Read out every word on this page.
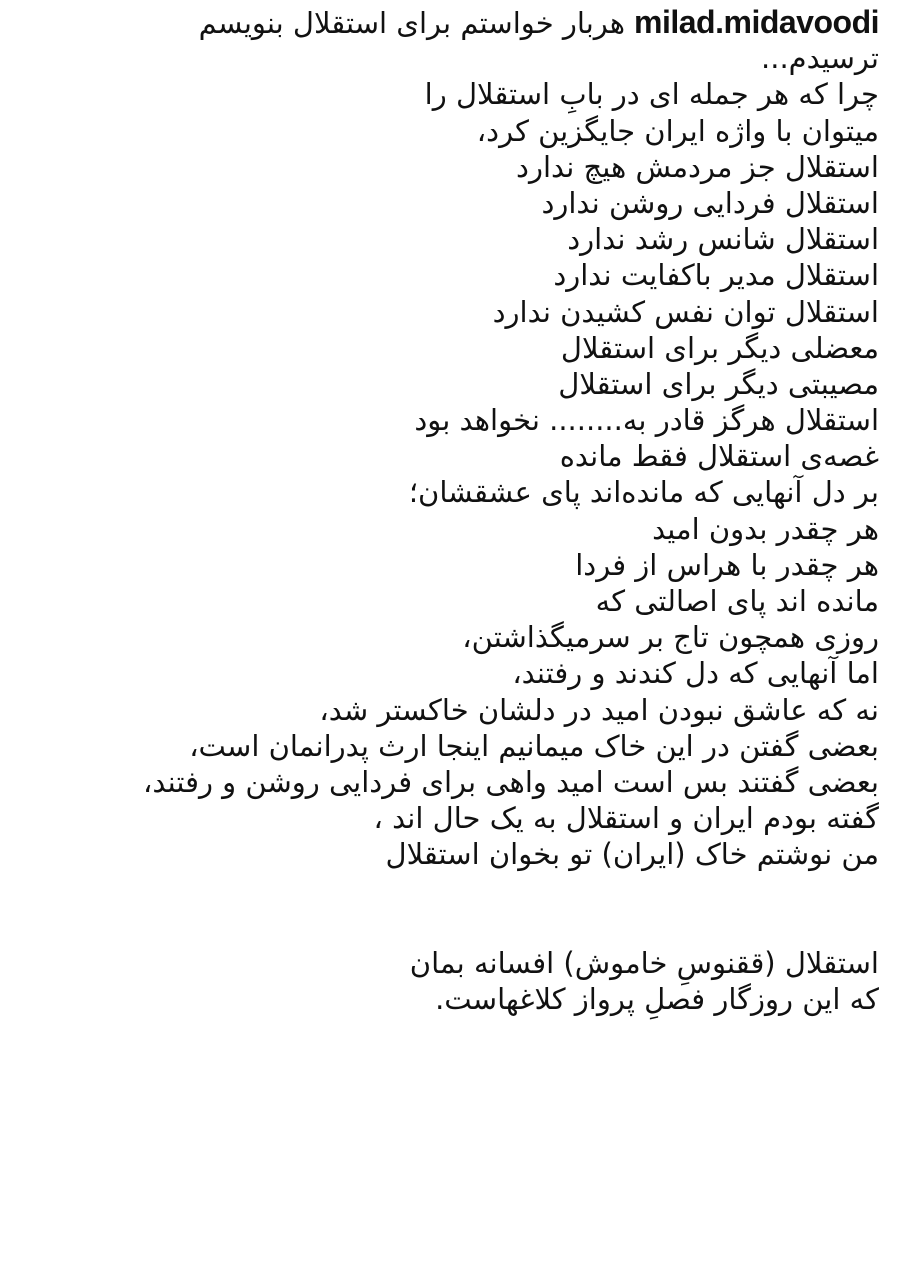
milad.midavoodi هربار خواستم برای استقلال بنویسم
ترسیدم...
چرا که هر جمله ای در بابِ استقلال را
میتوان با واژه ایران جایگزین کرد،
استقلال جز مردمش هیچ ندارد
استقلال فردایی روشن ندارد
استقلال شانس رشد ندارد
استقلال مدیر باکفایت ندارد
استقلال توان نفس کشیدن ندارد
معضلی دیگر برای استقلال
مصیبتی دیگر برای استقلال
استقلال هرگز قادر به........ نخواهد بود
غصه‌ی استقلال فقط مانده
بر دل آنهایی که مانده‌اند پای عشقشان؛
هر چقدر بدون امید
هر چقدر با هراس از فردا
مانده اند پای اصالتی که
روزی همچون تاج بر سرمیگذاشتن،
اما آنهایی که دل کندند و رفتند،
نه که عاشق نبودن امید در دلشان خاکستر شد،
بعضی گفتن در این خاک میمانیم اینجا ارث پدرانمان است،
بعضی گفتند بس است امید واهی برای فردایی روشن و رفتند،
گفته بودم ایران و استقلال به یک حال اند ،
من نوشتم خاک (ایران) تو بخوان استقلال
استقلال (ققنوسِ خاموش) افسانه بمان
که این روزگار فصلِ پرواز کلاغهاست.
